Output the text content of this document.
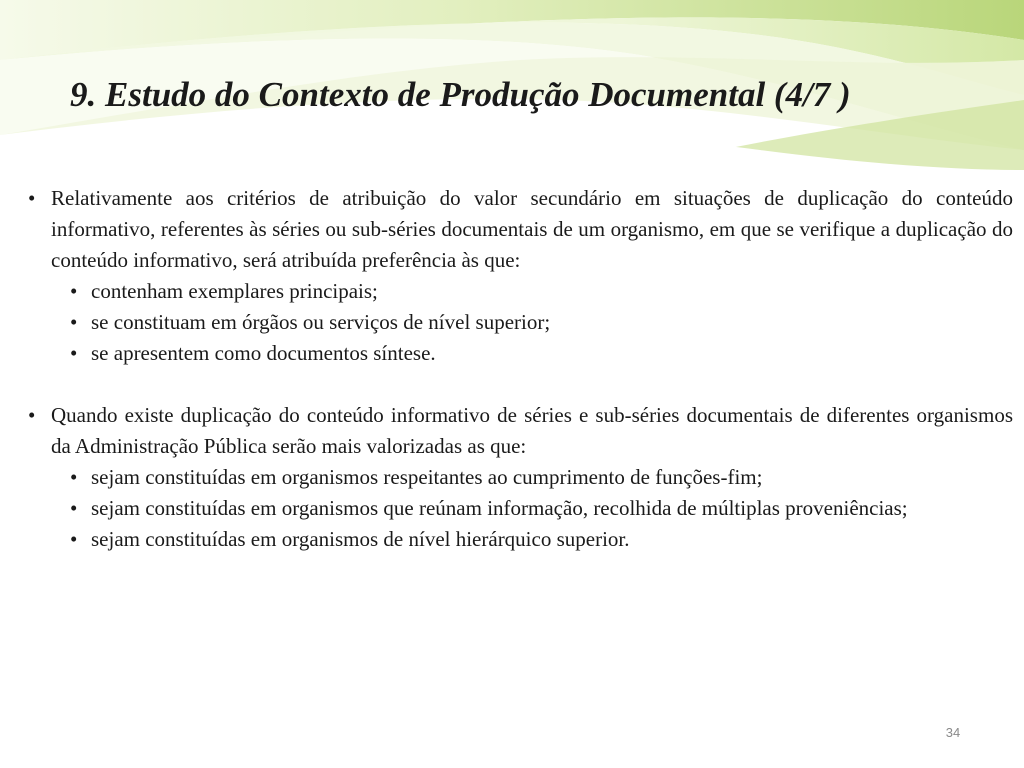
9. Estudo do Contexto de Produção Documental (4/7 )
• Relativamente aos critérios de atribuição do valor secundário em situações de duplicação do conteúdo informativo, referentes às séries ou sub-séries documentais de um organismo, em que se verifique a duplicação do conteúdo informativo, será atribuída preferência às que:
• contenham exemplares principais;
• se constituam em órgãos ou serviços de nível superior;
• se apresentem como documentos síntese.
• Quando existe duplicação do conteúdo informativo de séries e sub-séries documentais de diferentes organismos da Administração Pública serão mais valorizadas as que:
• sejam constituídas em organismos respeitantes ao cumprimento de funções-fim;
• sejam constituídas em organismos que reúnam informação, recolhida de múltiplas proveniências;
• sejam constituídas em organismos de nível hierárquico superior.
34
